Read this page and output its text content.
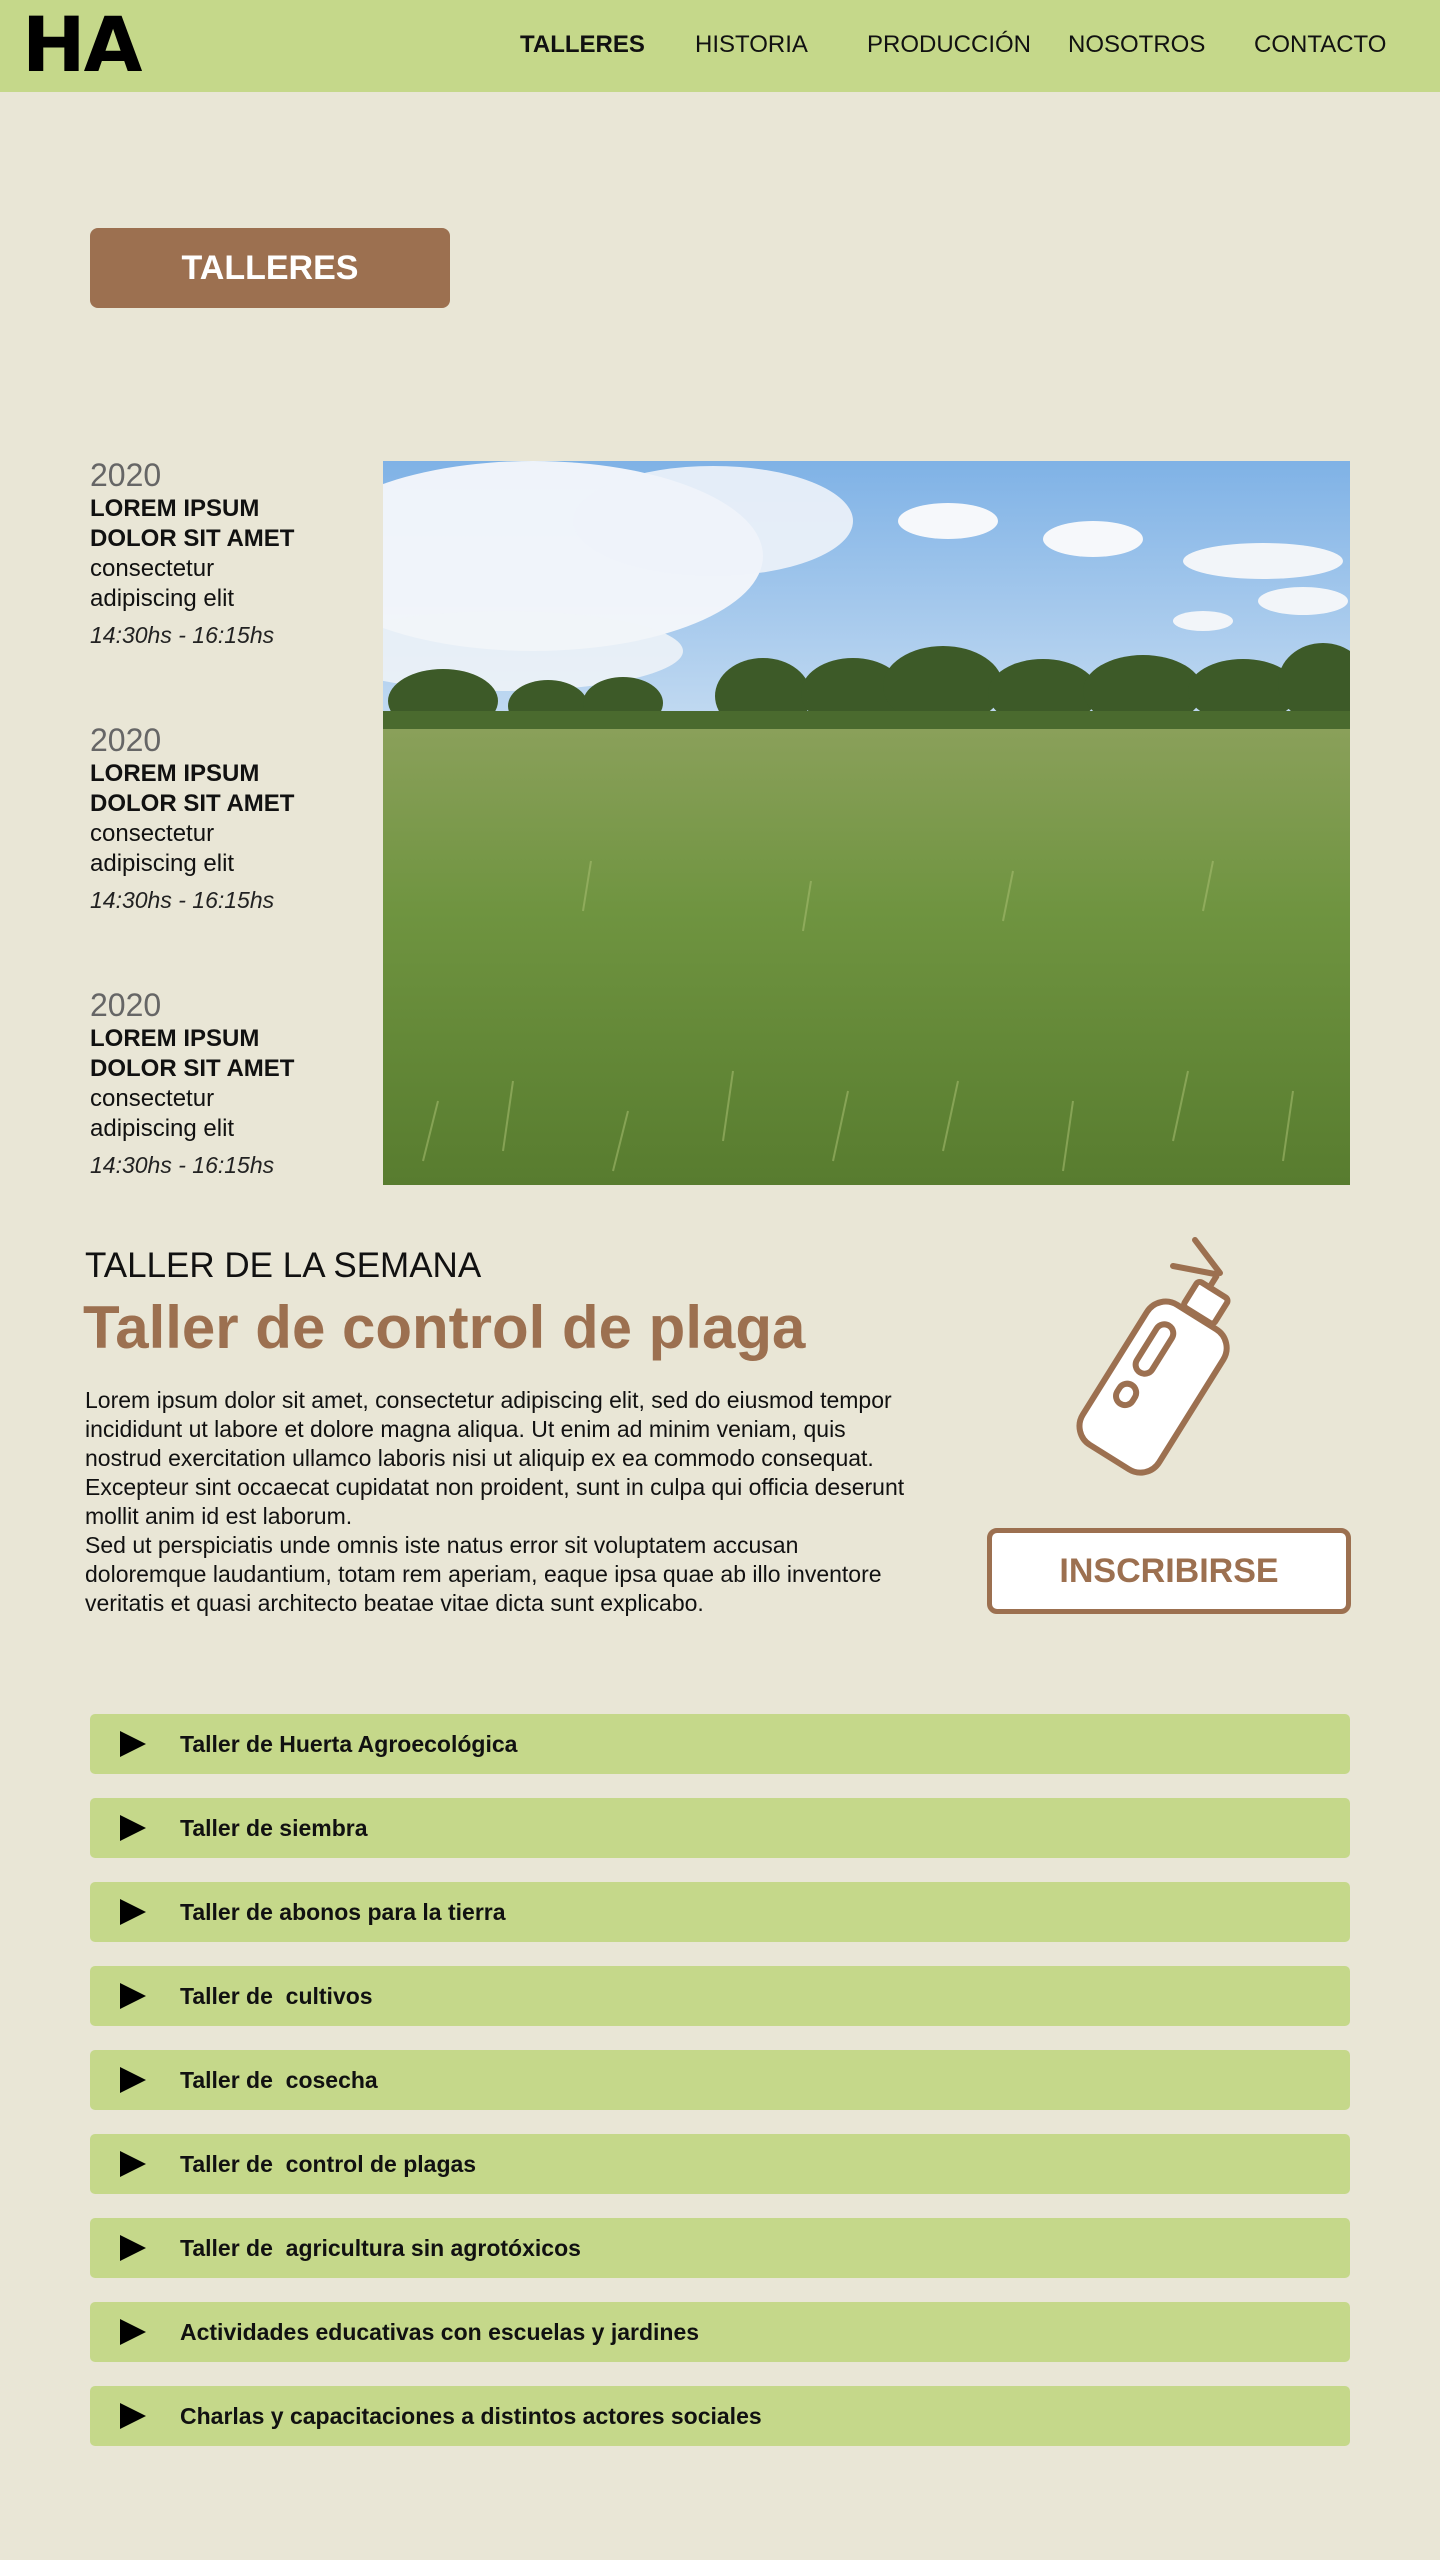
HA	TALLERES HISTORIA PRODUCCIÓN NOSOTROS CONTACTO
TALLERES
2020
LOREM IPSUM
DOLOR SIT AMET
consectetur
adipiscing elit
14:30hs - 16:15hs
2020
LOREM IPSUM
DOLOR SIT AMET
consectetur
adipiscing elit
14:30hs - 16:15hs
2020
LOREM IPSUM
DOLOR SIT AMET
consectetur
adipiscing elit
14:30hs - 16:15hs
TALLER DE LA SEMANA
Taller de control de plaga

Lorem ipsum dolor sit amet, consectetur adipiscing elit, sed do eiusmod tempor incididunt ut labore et dolore magna aliqua. Ut enim ad minim veniam, quis nostrud exercitation ullamco laboris nisi ut aliquip ex ea commodo consequat. Excepteur sint occaecat cupidatat non proident, sunt in culpa qui officia deserunt mollit anim id est laborum.

Sed ut perspiciatis unde omnis iste natus error sit voluptatem accusan doloremque laudantium, totam rem aperiam, eaque ipsa quae ab illo inventore veritatis et quasi architecto beatae vitae dicta sunt explicabo.

INSCRIBIRSE
Taller de Huerta Agroecológica
Taller de siembra
Taller de abonos para la tierra
Taller de  cultivos
Taller de  cosecha
Taller de  control de plagas
Taller de  agricultura sin agrotóxicos
Actividades educativas con escuelas y jardines
Charlas y capacitaciones a distintos actores sociales
